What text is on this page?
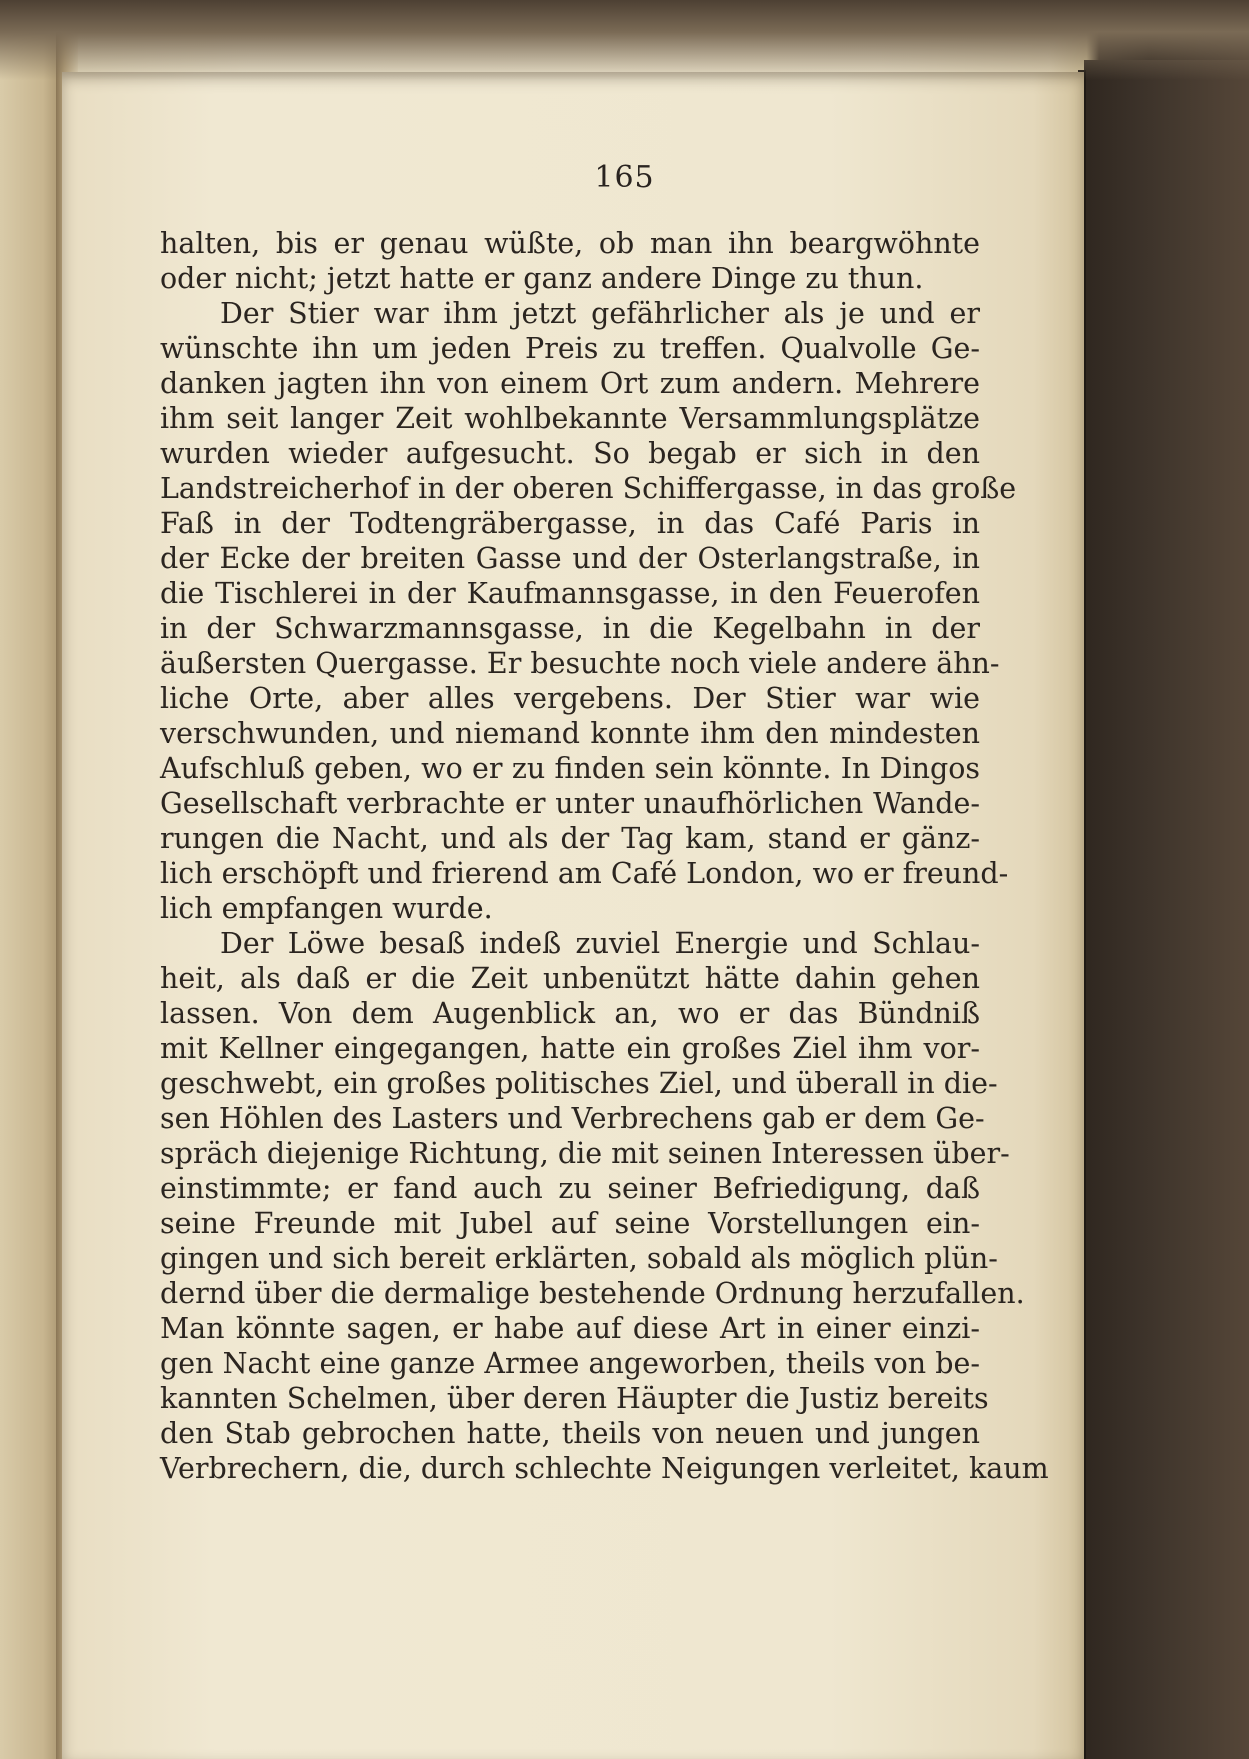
165
halten, bis er genau wüßte, ob man ihn beargwöhnte
oder nicht; jetzt hatte er ganz andere Dinge zu thun.
Der Stier war ihm jetzt gefährlicher als je und er
wünschte ihn um jeden Preis zu treffen. Qualvolle Ge-
danken jagten ihn von einem Ort zum andern. Mehrere
ihm seit langer Zeit wohlbekannte Versammlungsplätze
wurden wieder aufgesucht. So begab er sich in den
Landstreicherhof in der oberen Schiffergasse, in das große
Faß in der Todtengräbergasse, in das Café Paris in
der Ecke der breiten Gasse und der Osterlangstraße, in
die Tischlerei in der Kaufmannsgasse, in den Feuerofen
in der Schwarzmannsgasse, in die Kegelbahn in der
äußersten Quergasse. Er besuchte noch viele andere ähn-
liche Orte, aber alles vergebens. Der Stier war wie
verschwunden, und niemand konnte ihm den mindesten
Aufschluß geben, wo er zu finden sein könnte. In Dingos
Gesellschaft verbrachte er unter unaufhörlichen Wande-
rungen die Nacht, und als der Tag kam, stand er gänz-
lich erschöpft und frierend am Café London, wo er freund-
lich empfangen wurde.
Der Löwe besaß indeß zuviel Energie und Schlau-
heit, als daß er die Zeit unbenützt hätte dahin gehen
lassen. Von dem Augenblick an, wo er das Bündniß
mit Kellner eingegangen, hatte ein großes Ziel ihm vor-
geschwebt, ein großes politisches Ziel, und überall in die-
sen Höhlen des Lasters und Verbrechens gab er dem Ge-
spräch diejenige Richtung, die mit seinen Interessen über-
einstimmte; er fand auch zu seiner Befriedigung, daß
seine Freunde mit Jubel auf seine Vorstellungen ein-
gingen und sich bereit erklärten, sobald als möglich plün-
dernd über die dermalige bestehende Ordnung herzufallen.
Man könnte sagen, er habe auf diese Art in einer einzi-
gen Nacht eine ganze Armee angeworben, theils von be-
kannten Schelmen, über deren Häupter die Justiz bereits
den Stab gebrochen hatte, theils von neuen und jungen
Verbrechern, die, durch schlechte Neigungen verleitet, kaum
